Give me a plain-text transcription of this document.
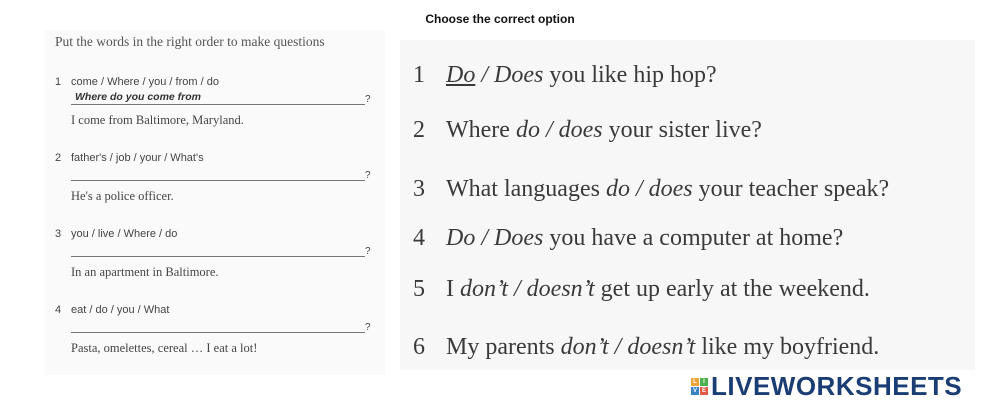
Choose the correct option
Put the words in the right order to make questions
1 come / Where / you / from / do
Where do you come from	?
I come from Baltimore, Maryland.
2 father's / job / your / What's
?
He's a police officer.
3 you / live / Where / do
?
In an apartment in Baltimore.
4 eat / do / you / What
?
Pasta, omelettes, cereal … I eat a lot!
1 Do / Does you like hip hop?
2 Where do / does your sister live?
3 What languages do / does your teacher speak?
4 Do / Does you have a computer at home?
5 I don’t / doesn’t get up early at the weekend.
6 My parents don’t / doesn’t like my boyfriend.
L	I
V E LIVEWORKSHEETS
